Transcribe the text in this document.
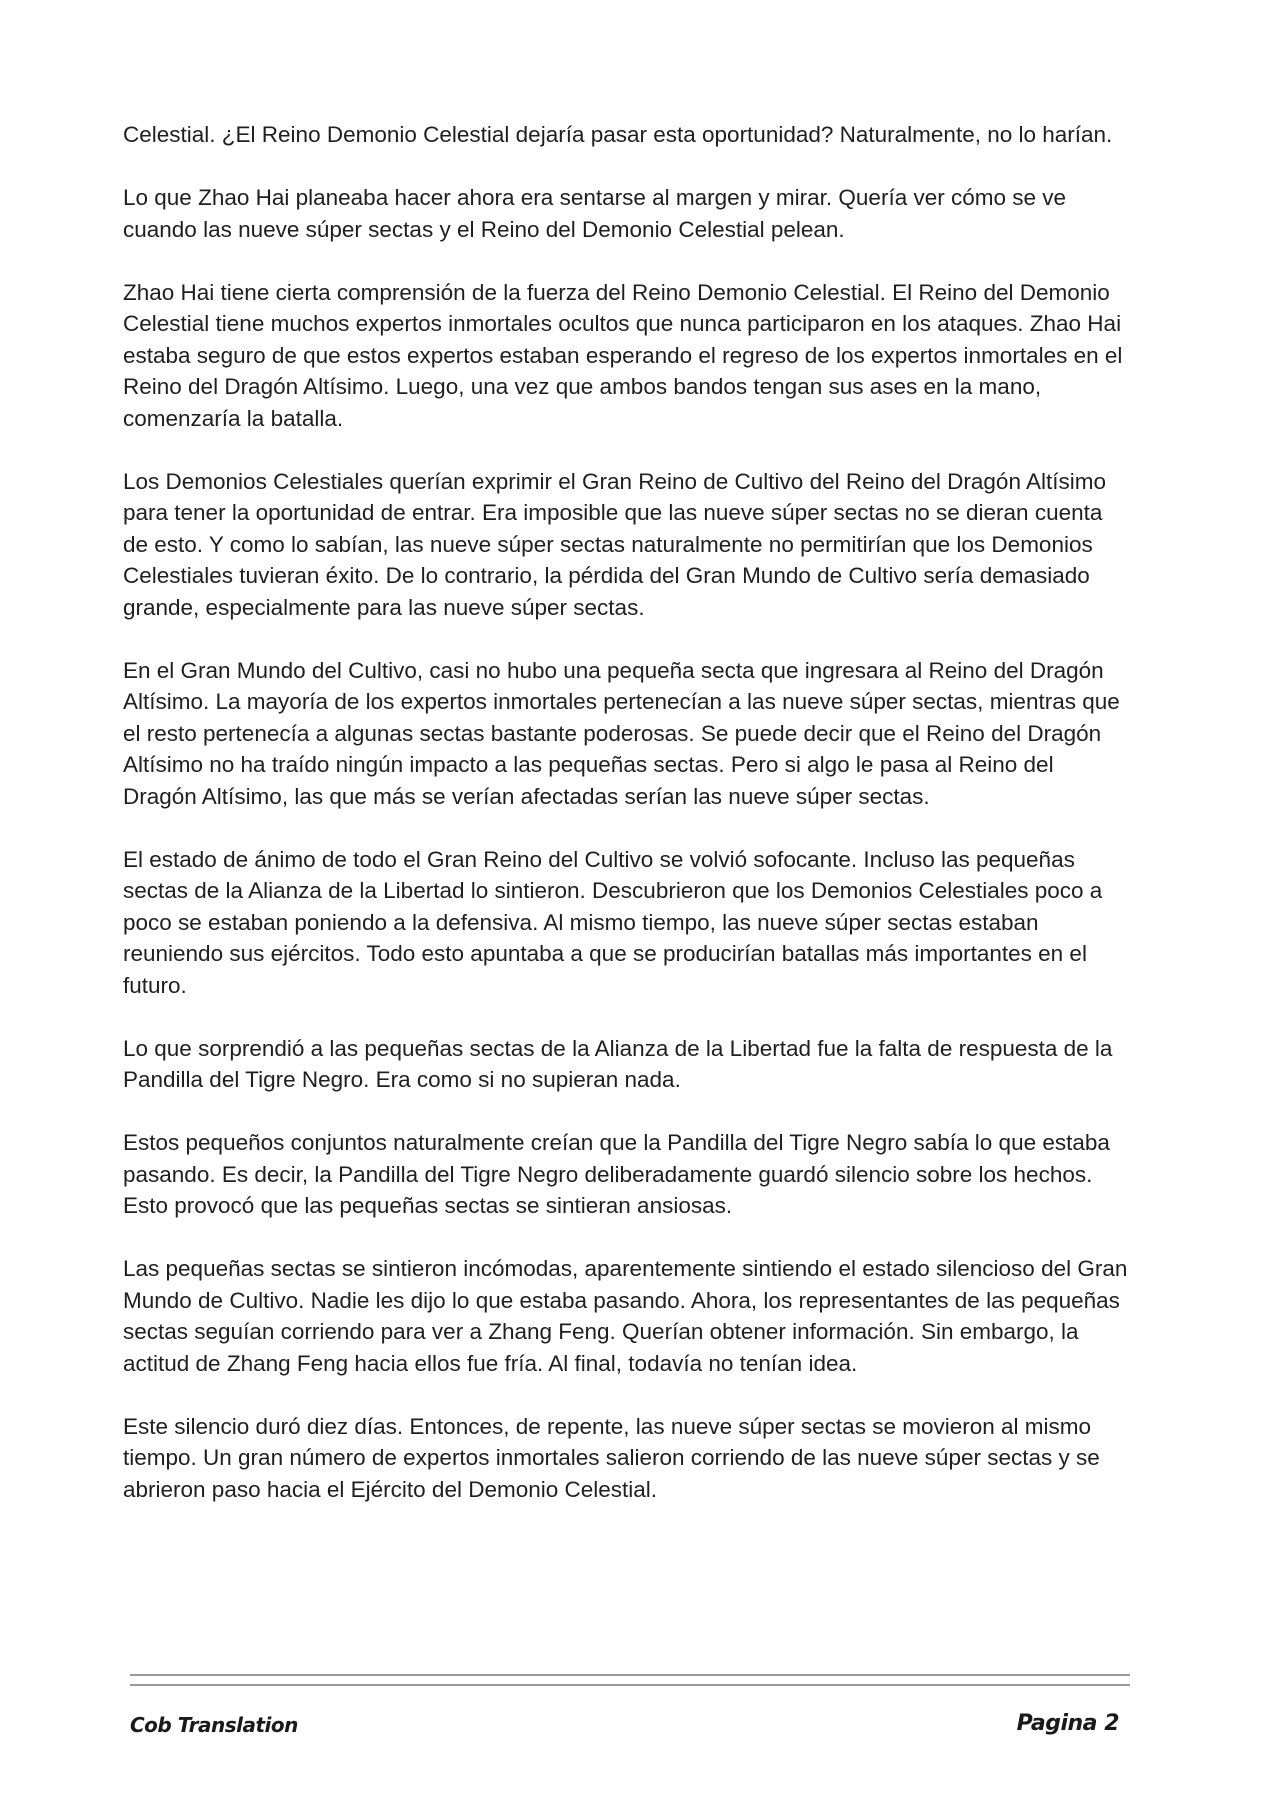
Celestial. ¿El Reino Demonio Celestial dejaría pasar esta oportunidad? Naturalmente, no lo harían.

Lo que Zhao Hai planeaba hacer ahora era sentarse al margen y mirar. Quería ver cómo se ve cuando las nueve súper sectas y el Reino del Demonio Celestial pelean.

Zhao Hai tiene cierta comprensión de la fuerza del Reino Demonio Celestial. El Reino del Demonio Celestial tiene muchos expertos inmortales ocultos que nunca participaron en los ataques. Zhao Hai estaba seguro de que estos expertos estaban esperando el regreso de los expertos inmortales en el Reino del Dragón Altísimo. Luego, una vez que ambos bandos tengan sus ases en la mano, comenzaría la batalla.

Los Demonios Celestiales querían exprimir el Gran Reino de Cultivo del Reino del Dragón Altísimo para tener la oportunidad de entrar. Era imposible que las nueve súper sectas no se dieran cuenta de esto. Y como lo sabían, las nueve súper sectas naturalmente no permitirían que los Demonios Celestiales tuvieran éxito. De lo contrario, la pérdida del Gran Mundo de Cultivo sería demasiado grande, especialmente para las nueve súper sectas.

En el Gran Mundo del Cultivo, casi no hubo una pequeña secta que ingresara al Reino del Dragón Altísimo. La mayoría de los expertos inmortales pertenecían a las nueve súper sectas, mientras que el resto pertenecía a algunas sectas bastante poderosas. Se puede decir que el Reino del Dragón Altísimo no ha traído ningún impacto a las pequeñas sectas. Pero si algo le pasa al Reino del Dragón Altísimo, las que más se verían afectadas serían las nueve súper sectas.

El estado de ánimo de todo el Gran Reino del Cultivo se volvió sofocante. Incluso las pequeñas sectas de la Alianza de la Libertad lo sintieron. Descubrieron que los Demonios Celestiales poco a poco se estaban poniendo a la defensiva. Al mismo tiempo, las nueve súper sectas estaban reuniendo sus ejércitos. Todo esto apuntaba a que se producirían batallas más importantes en el futuro.

Lo que sorprendió a las pequeñas sectas de la Alianza de la Libertad fue la falta de respuesta de la Pandilla del Tigre Negro. Era como si no supieran nada.

Estos pequeños conjuntos naturalmente creían que la Pandilla del Tigre Negro sabía lo que estaba pasando. Es decir, la Pandilla del Tigre Negro deliberadamente guardó silencio sobre los hechos. Esto provocó que las pequeñas sectas se sintieran ansiosas.

Las pequeñas sectas se sintieron incómodas, aparentemente sintiendo el estado silencioso del Gran Mundo de Cultivo. Nadie les dijo lo que estaba pasando. Ahora, los representantes de las pequeñas sectas seguían corriendo para ver a Zhang Feng. Querían obtener información. Sin embargo, la actitud de Zhang Feng hacia ellos fue fría. Al final, todavía no tenían idea.

Este silencio duró diez días. Entonces, de repente, las nueve súper sectas se movieron al mismo tiempo. Un gran número de expertos inmortales salieron corriendo de las nueve súper sectas y se abrieron paso hacia el Ejército del Demonio Celestial.

Cob Translation	Pagina 2
